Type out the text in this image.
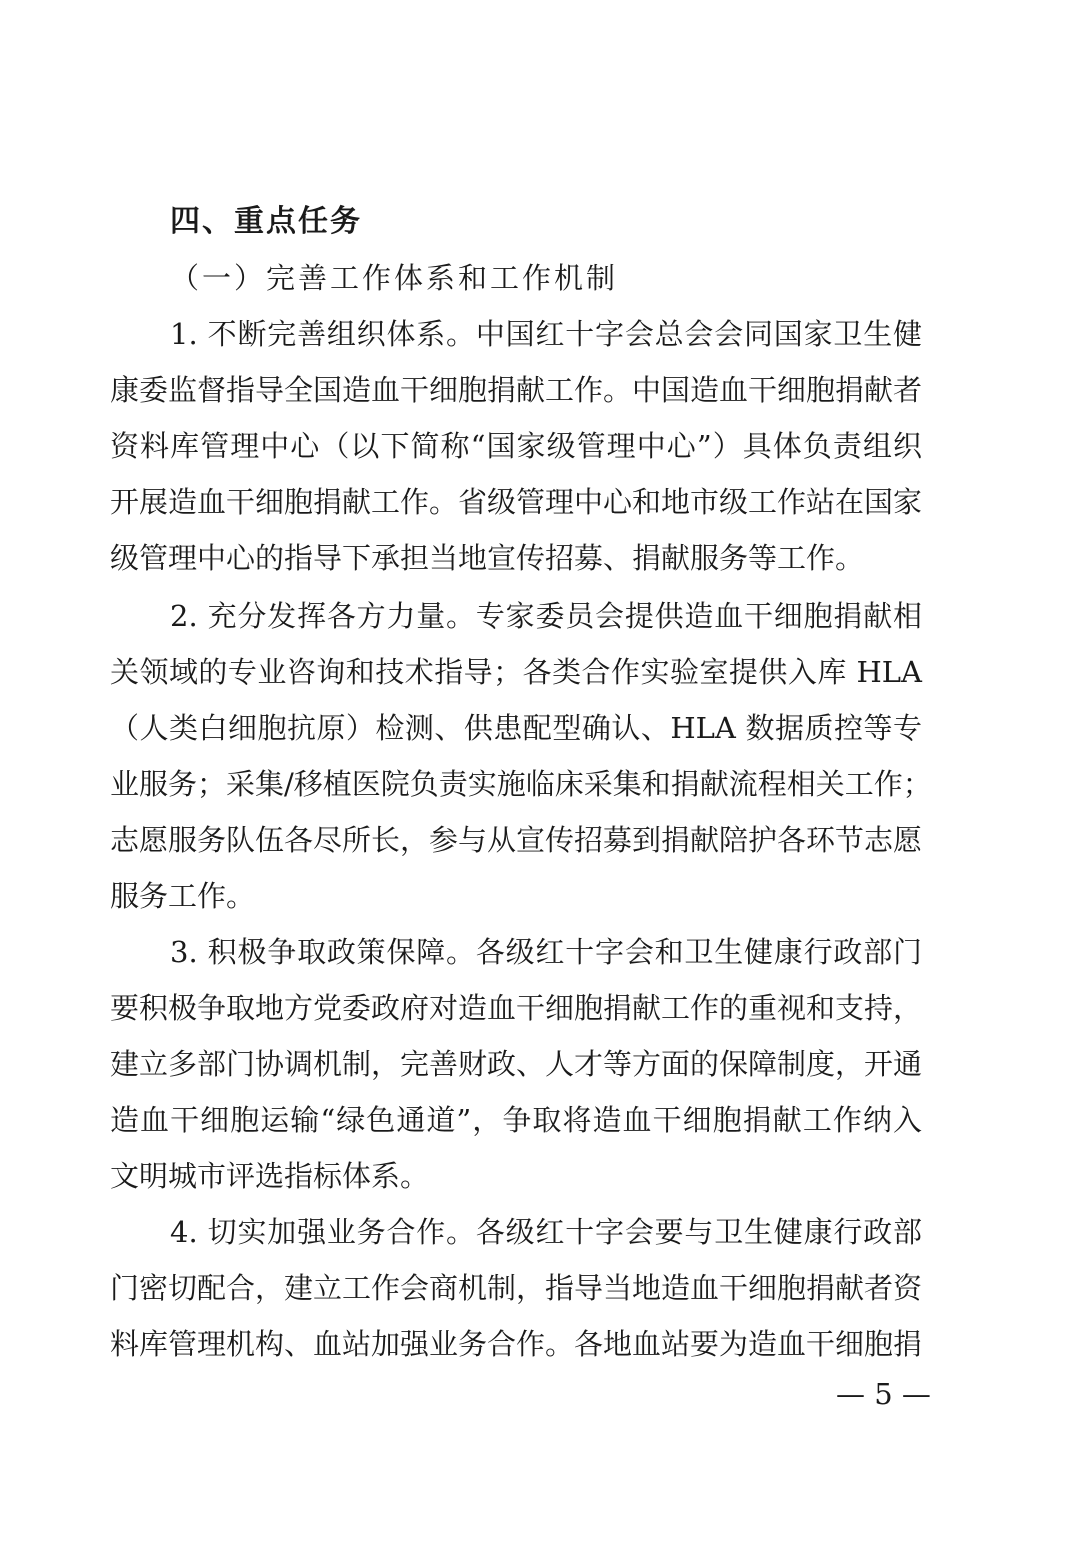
四、重点任务
（一）完善工作体系和工作机制
1. 不断完善组织体系。中国红十字会总会会同国家卫生健
康委监督指导全国造血干细胞捐献工作。中国造血干细胞捐献者
资料库管理中心（以下简称“国家级管理中心”）具体负责组织
开展造血干细胞捐献工作。省级管理中心和地市级工作站在国家
级管理中心的指导下承担当地宣传招募、捐献服务等工作。
2. 充分发挥各方力量。专家委员会提供造血干细胞捐献相
关领域的专业咨询和技术指导；各类合作实验室提供入库 HLA
（人类白细胞抗原）检测、供患配型确认、HLA 数据质控等专
业服务；采集/移植医院负责实施临床采集和捐献流程相关工作；
志愿服务队伍各尽所长，参与从宣传招募到捐献陪护各环节志愿
服务工作。
3. 积极争取政策保障。各级红十字会和卫生健康行政部门
要积极争取地方党委政府对造血干细胞捐献工作的重视和支持，
建立多部门协调机制，完善财政、人才等方面的保障制度，开通
造血干细胞运输“绿色通道”，争取将造血干细胞捐献工作纳入
文明城市评选指标体系。
4. 切实加强业务合作。各级红十字会要与卫生健康行政部
门密切配合，建立工作会商机制，指导当地造血干细胞捐献者资
料库管理机构、血站加强业务合作。各地血站要为造血干细胞捐
— 5 —
